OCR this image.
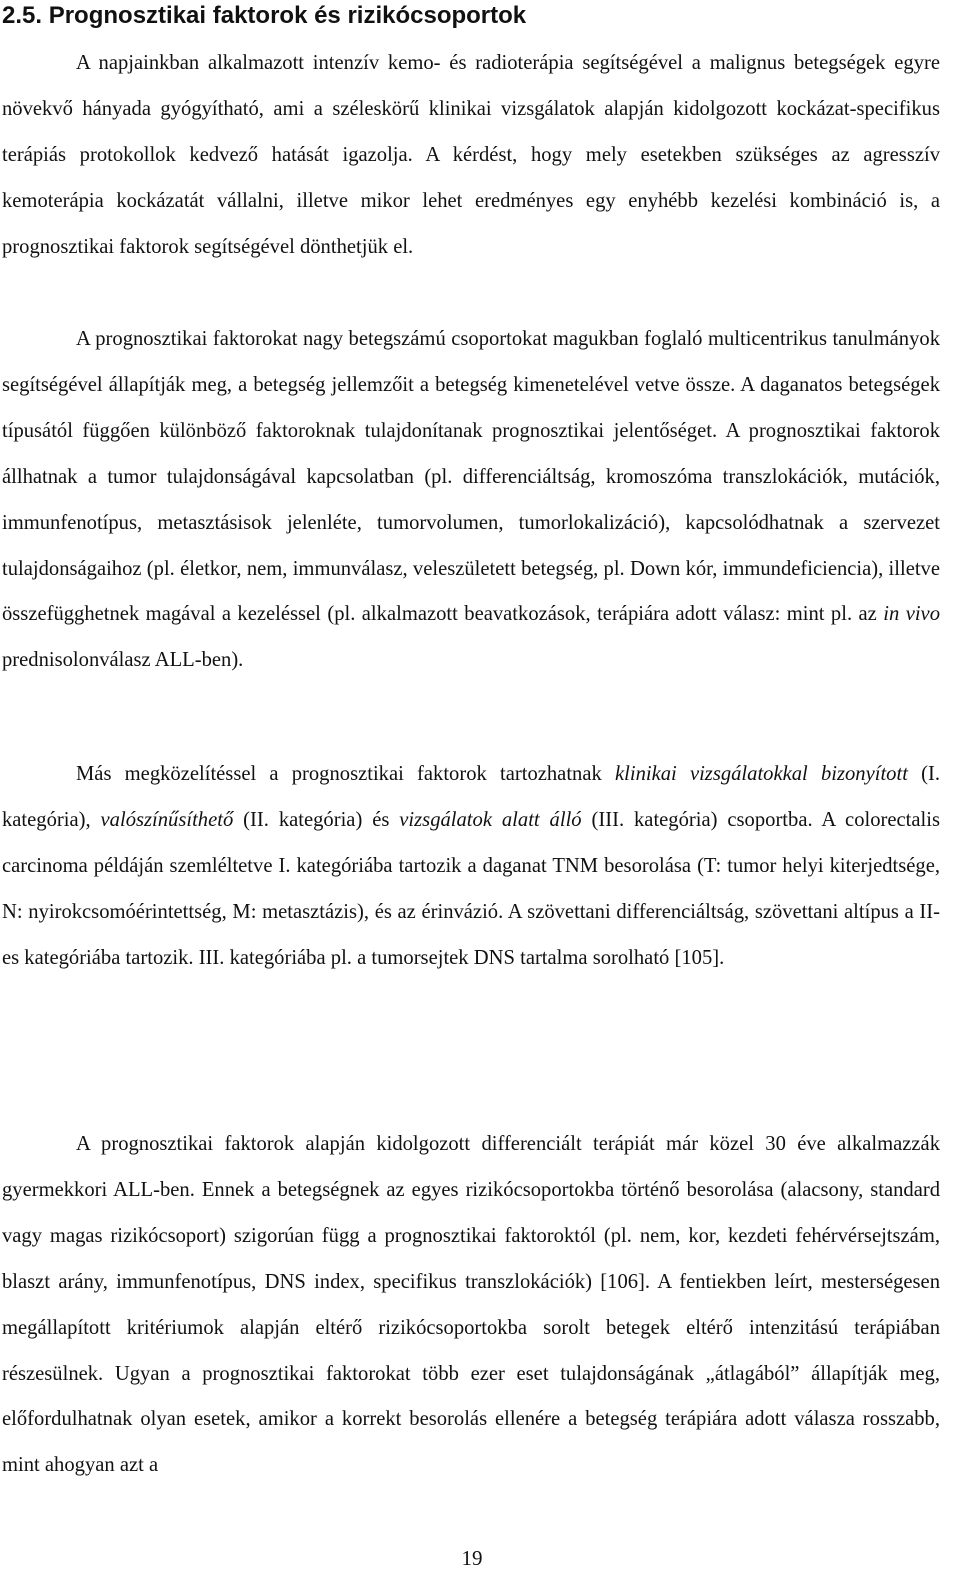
2.5. Prognosztikai faktorok és rizikócsoportok

A napjainkban alkalmazott intenzív kemo- és radioterápia segítségével a malignus betegségek egyre növekvő hányada gyógyítható, ami a széleskörű klinikai vizsgálatok alapján kidolgozott kockázat-specifikus terápiás protokollok kedvező hatását igazolja. A kérdést, hogy mely esetekben szükséges az agresszív kemoterápia kockázatát vállalni, illetve mikor lehet eredményes egy enyhébb kezelési kombináció is, a prognosztikai faktorok segítségével dönthetjük el.

A prognosztikai faktorokat nagy betegszámú csoportokat magukban foglaló multicentrikus tanulmányok segítségével állapítják meg, a betegség jellemzőit a betegség kimenetelével vetve össze. A daganatos betegségek típusától függően különböző faktoroknak tulajdonítanak prognosztikai jelentőséget. A prognosztikai faktorok állhatnak a tumor tulajdonságával kapcsolatban (pl. differenciáltság, kromoszóma transzlokációk, mutációk, immunfenotípus, metasztásisok jelenléte, tumorvolumen, tumorlokalizáció), kapcsolódhatnak a szervezet tulajdonságaihoz (pl. életkor, nem, immunválasz, veleszületett betegség, pl. Down kór, immundeficiencia), illetve összefügghetnek magával a kezeléssel (pl. alkalmazott beavatkozások, terápiára adott válasz: mint pl. az in vivo prednisolonválasz ALL-ben).

Más megközelítéssel a prognosztikai faktorok tartozhatnak klinikai vizsgálatokkal bizonyított (I. kategória), valószínűsíthető (II. kategória) és vizsgálatok alatt álló (III. kategória) csoportba. A colorectalis carcinoma példáján szemléltetve I. kategóriába tartozik a daganat TNM besorolása (T: tumor helyi kiterjedtsége, N: nyirokcsomóérintettség, M: metasztázis), és az érinvázió. A szövettani differenciáltság, szövettani altípus a II-es kategóriába tartozik. III. kategóriába pl. a tumorsejtek DNS tartalma sorolható [105].

A prognosztikai faktorok alapján kidolgozott differenciált terápiát már közel 30 éve alkalmazzák gyermekkori ALL-ben. Ennek a betegségnek az egyes rizikócsoportokba történő besorolása (alacsony, standard vagy magas rizikócsoport) szigorúan függ a prognosztikai faktoroktól (pl. nem, kor, kezdeti fehérvérsejtszám, blaszt arány, immunfenotípus, DNS index, specifikus transzlokációk) [106]. A fentiekben leírt, mesterségesen megállapított kritériumok alapján eltérő rizikócsoportokba sorolt betegek eltérő intenzitású terápiában részesülnek. Ugyan a prognosztikai faktorokat több ezer eset tulajdonságának „átlagából” állapítják meg, előfordulhatnak olyan esetek, amikor a korrekt besorolás ellenére a betegség terápiára adott válasza rosszabb, mint ahogyan azt a

19
